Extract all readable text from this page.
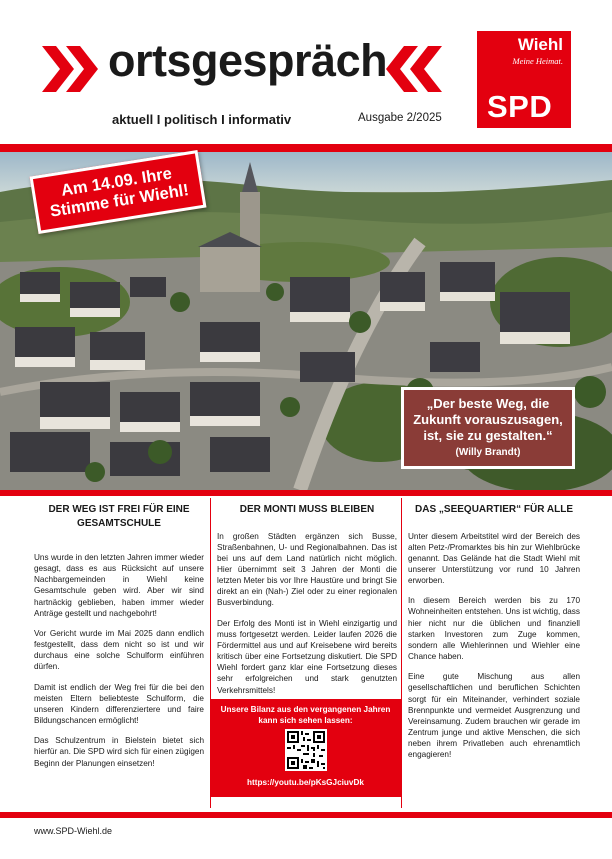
ortsgespräch
aktuell I politisch I informativ	Ausgabe 2/2025
Wiehl
Meine Heimat.
SPD
Am 14.09. Ihre Stimme für Wiehl!
„Der beste Weg, die Zukunft vorauszusagen, ist, sie zu gestalten.“
(Willy Brandt)
DER WEG IST FREI FÜR EINE GESAMTSCHULE

Uns wurde in den letzten Jahren immer wieder gesagt, dass es aus Rücksicht auf unsere Nachbargemeinden in Wiehl keine Gesamtschule geben wird. Aber wir sind hartnäckig geblieben, haben immer wieder Anträge gestellt und nachgebohrt!

Vor Gericht wurde im Mai 2025 dann endlich festgestellt, dass dem nicht so ist und wir durchaus eine solche Schulform einführen dürfen.

Damit ist endlich der Weg frei für die bei den meisten Eltern beliebteste Schulform, die unseren Kindern differenziertere und faire Bildungschancen ermöglicht!

Das Schulzentrum in Bielstein bietet sich hierfür an. Die SPD wird sich für einen zügigen Beginn der Planungen einsetzen!

DER MONTI MUSS BLEIBEN

In großen Städten ergänzen sich Busse, Straßenbahnen, U- und Regionalbahnen. Das ist bei uns auf dem Land natürlich nicht möglich. Hier übernimmt seit 3 Jahren der Monti die letzten Meter bis vor Ihre Haustüre und bringt Sie direkt an ein (Nah-) Ziel oder zu einer regionalen Busverbindung.

Der Erfolg des Monti ist in Wiehl einzigartig und muss fortgesetzt werden. Leider laufen 2026 die Fördermittel aus und auf Kreisebene wird bereits kritisch über eine Fortsetzung diskutiert. Die SPD Wiehl fordert ganz klar eine Fortsetzung dieses sehr erfolgreichen und stark genutzten Verkehrsmittels!

Unsere Bilanz aus den vergangenen Jahren kann sich sehen lassen:
https://youtu.be/pKsGJciuvDk
DAS „SEEQUARTIER“ FÜR ALLE

Unter diesem Arbeitstitel wird der Bereich des alten Petz-/Promarktes bis hin zur Wiehlbrücke genannt. Das Gelände hat die Stadt Wiehl mit unserer Unterstützung vor rund 10 Jahren erworben.

In diesem Bereich werden bis zu 170 Wohneinheiten entstehen. Uns ist wichtig, dass hier nicht nur die üblichen und finanziell starken Investoren zum Zuge kommen, sondern alle Wiehlerinnen und Wiehler eine Chance haben.

Eine gute Mischung aus allen gesellschaftlichen und beruflichen Schichten sorgt für ein Miteinander, verhindert soziale Brennpunkte und vermeidet Ausgrenzung und Vereinsamung. Zudem brauchen wir gerade im Zentrum junge und aktive Menschen, die sich neben ihrem Privatleben auch ehrenamtlich engagieren!

www.SPD-Wiehl.de
